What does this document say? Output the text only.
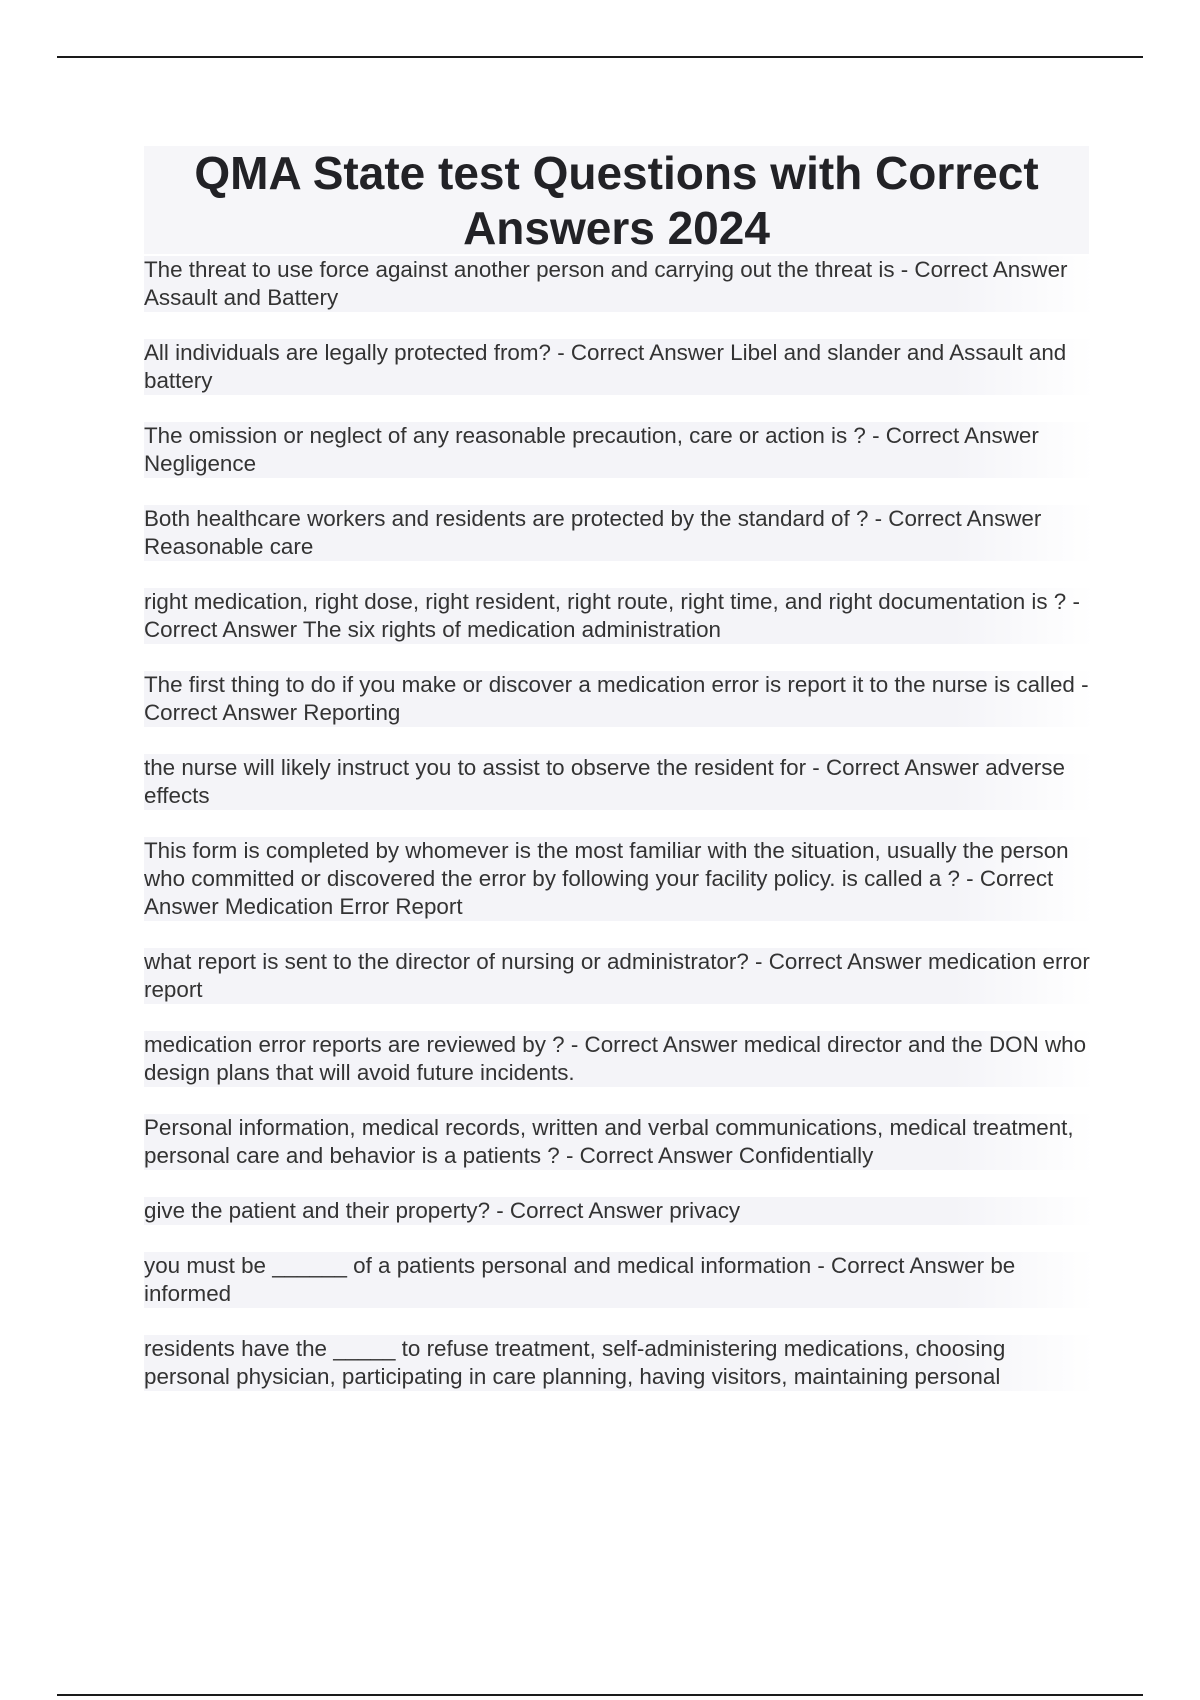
QMA State test Questions with Correct Answers 2024
The threat to use force against another person and carrying out the threat is - Correct Answer Assault and Battery
All individuals are legally protected from? - Correct Answer Libel and slander and Assault and battery
The omission or neglect of any reasonable precaution, care or action is ? - Correct Answer Negligence
Both healthcare workers and residents are protected by the standard of ? - Correct Answer Reasonable care
right medication, right dose, right resident, right route, right time, and right documentation is ? - Correct Answer The six rights of medication administration
The first thing to do if you make or discover a medication error is report it to the nurse is called - Correct Answer Reporting
the nurse will likely instruct you to assist to observe the resident for - Correct Answer adverse effects
This form is completed by whomever is the most familiar with the situation, usually the person who committed or discovered the error by following your facility policy. is called a ? - Correct Answer Medication Error Report
what report is sent to the director of nursing or administrator? - Correct Answer medication error report
medication error reports are reviewed by ? - Correct Answer medical director and the DON who design plans that will avoid future incidents.
Personal information, medical records, written and verbal communications, medical treatment, personal care and behavior is a patients ? - Correct Answer Confidentially
give the patient and their property? - Correct Answer privacy
you must be ______ of a patients personal and medical information - Correct Answer be informed
residents have the _____ to refuse treatment, self-administering medications, choosing personal physician, participating in care planning, having visitors, maintaining personal
